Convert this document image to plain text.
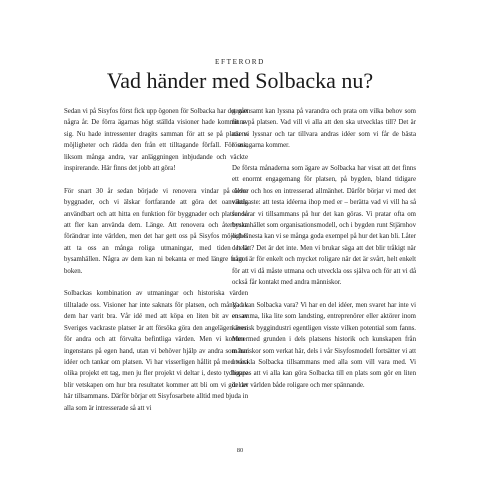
EFTERORD
Vad händer med Solbacka nu?

Sedan vi på Sisyfos först fick upp ögonen för Solbacka har det gått några år. De förra ägarnas högt ställda visioner hade kommit av sig. Nu hade intressenter dragits samman för att se på platsens möjligheter och rädda den från ett tilltagande förfall. För oss, liksom många andra, var anläggningen inbjudande och väckte inspirerande. Här finns det jobb att göra!

För snart 30 år sedan började vi renovera vindar på äldre byggnader, och vi älskar fortfarande att göra det oanvända användbart och att hitta en funktion för byggnader och platser så att fler kan använda dem. Länge. Att renovera och återbruka förändrar inte världen, men det har gett oss på Sisyfos möjlighet att ta oss an många roliga utmaningar, med tiden hela bysamhällen. Några av dem kan ni bekanta er med längre fram i boken.

Solbackas kombination av utmaningar och historiska värden tilltalade oss. Visioner har inte saknats för platsen, och många av dem har varit bra. Vår idé med att köpa en liten bit av en av Sveriges vackraste platser är att försöka göra den angelägen även för andra och att förvalta befintliga värden. Men vi kommer ingenstans på egen hand, utan vi behöver hjälp av andra som har idéer och tankar om platsen. Vi har visserligen hållit på med våra olika projekt ett tag, men ju fler projekt vi deltar i, desto tydligare blir vetskapen om hur bra resultatet kommer att bli om vi gör det här tillsammans. Därför börjar ett Sisyfosarbete alltid med bjuda in alla som är intresserade så att vi

gemensamt kan lyssna på varandra och prata om vilka behov som finns på platsen. Vad vill vi alla att den ska utvecklas till? Det är när vi lyssnar och tar tillvara andras idéer som vi får de bästa lösningarna kommer.

De första månaderna som ägare av Solbacka har visat att det finns ett enormt engagemang för platsen, på bygden, bland tidigare elever och hos en intresserad allmänhet. Därför börjar vi med det viktigaste: att testa idéerna ihop med er – berätta vad vi vill ha så funderar vi tillsammans på hur det kan göras. Vi pratar ofta om bysamhället som organisationsmodell, och i bygden runt Stjärnhov och Gnesta kan vi se många goda exempel på hur det kan bli. Låter det lätt? Det är det inte. Men vi brukar säga att det blir tråkigt när något är för enkelt och mycket roligare när det är svårt, helt enkelt för att vi då måste utmana och utveckla oss själva och för att vi då också får kontakt med andra människor.

Vad kan Solbacka vara? Vi har en del idéer, men svaret har inte vi ensamma, lika lite som landsting, entreprenörer eller aktörer inom kinesisk byggindustri egentligen visste vilken potential som fanns. Men med grunden i dels platsens historik och kunskapen från människor som verkat här, dels i vår Sisyfosmodell fortsätter vi att utveckla Solbacka tillsammans med alla som vill vara med. Vi hoppas att vi alla kan göra Solbacka till en plats som gör en liten del av världen både roligare och mer spännande.

80
